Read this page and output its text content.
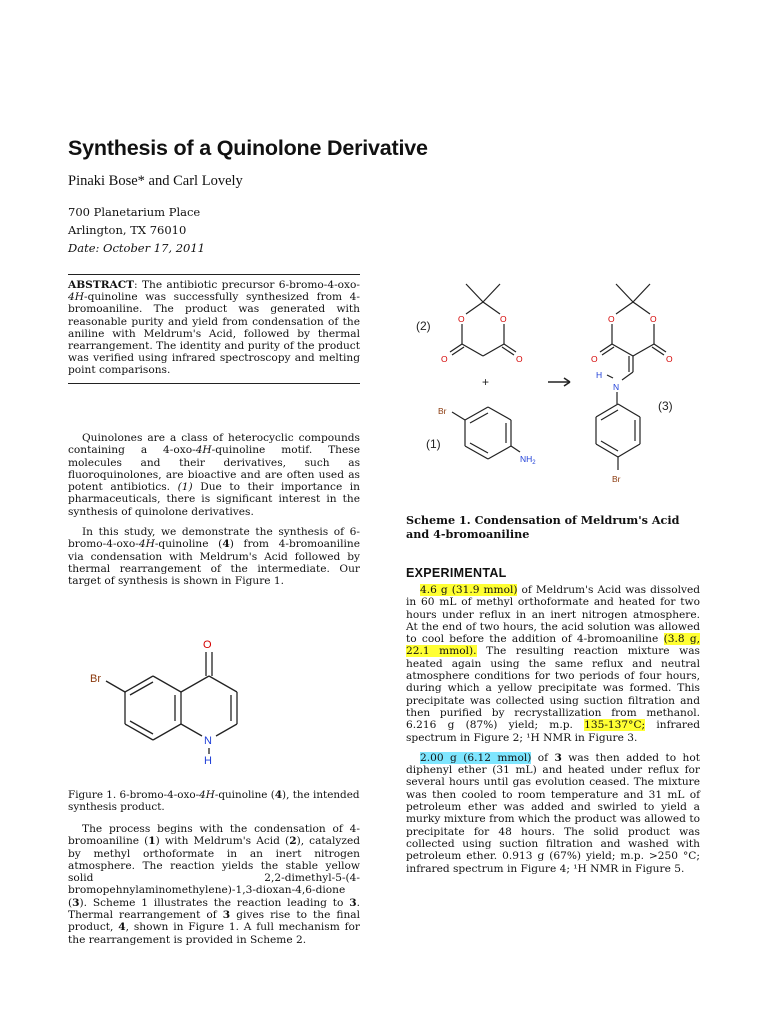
Synthesis of a Quinolone Derivative
Pinaki Bose* and Carl Lovely
700 Planetarium Place
Arlington, TX 76010
Date: October 17, 2011
ABSTRACT: The antibiotic precursor 6-bromo-4-oxo-4H-quinoline was successfully synthesized from 4-bromoaniline. The product was generated with reasonable purity and yield from condensation of the aniline with Meldrum's Acid, followed by thermal rearrangement. The identity and purity of the product was verified using infrared spectroscopy and melting point comparisons.

Quinolones are a class of heterocyclic compounds containing a 4-oxo-4H-quinoline motif. These molecules and their derivatives, such as fluoroquinolones, are bioactive and are often used as potent antibiotics. (1) Due to their importance in pharmaceuticals, there is significant interest in the synthesis of quinolone derivatives.

In this study, we demonstrate the synthesis of 6-bromo-4-oxo-4H-quinoline (4) from 4-bromoaniline via condensation with Meldrum's Acid followed by thermal rearrangement of the intermediate. Our target of synthesis is shown in Figure 1.

O
Br
N
H
Figure 1. 6-bromo-4-oxo-4H-quinoline (4), the intended synthesis product.

The process begins with the condensation of 4-bromoaniline (1) with Meldrum's Acid (2), catalyzed by methyl orthoformate in an inert nitrogen atmosphere. The reaction yields the stable yellow solid 2,2-dimethyl-5-(4-bromopehnylaminomethylene)-1,3-dioxan-4,6-dione (3). Scheme 1 illustrates the reaction leading to 3. Thermal rearrangement of 3 gives rise to the final product, 4, shown in Figure 1. A full mechanism for the rearrangement is provided in Scheme 2.

O	O
O	O
O	O
O	O
Br
$NH_2$
N
H
Br
(2)
(1)
(3)
+
→
Scheme 1. Condensation of Meldrum's Acid and 4-bromoaniline
EXPERIMENTAL

4.6 g (31.9 mmol) of Meldrum's Acid was dissolved in 60 mL of methyl orthoformate and heated for two hours under reflux in an inert nitrogen atmosphere. At the end of two hours, the acid solution was allowed to cool before the addition of 4-bromoaniline (3.8 g, 22.1 mmol). The resulting reaction mixture was heated again using the same reflux and neutral atmosphere conditions for two periods of four hours, during which a yellow precipitate was formed. This precipitate was collected using suction filtration and then purified by recrystallization from methanol. 6.216 g (87%) yield; m.p. 135-137°C; infrared spectrum in Figure 2; ¹H NMR in Figure 3.

2.00 g (6.12 mmol) of 3 was then added to hot diphenyl ether (31 mL) and heated under reflux for several hours until gas evolution ceased. The mixture was then cooled to room temperature and 31 mL of petroleum ether was added and swirled to yield a murky mixture from which the product was allowed to precipitate for 48 hours. The solid product was collected using suction filtration and washed with petroleum ether. 0.913 g (67%) yield; m.p. >250 °C; infrared spectrum in Figure 4; ¹H NMR in Figure 5.
